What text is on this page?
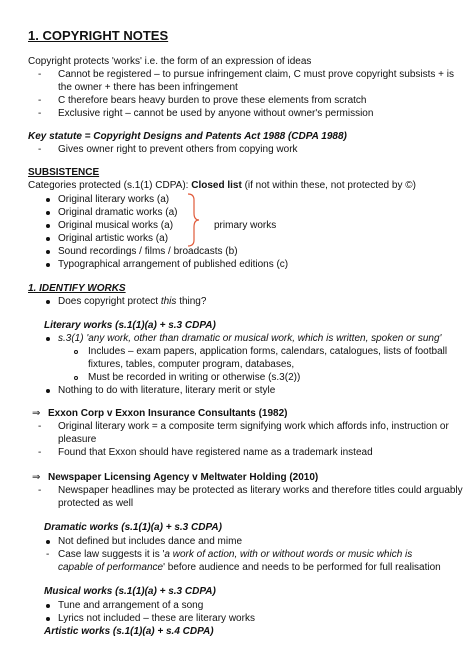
1. COPYRIGHT NOTES
Copyright protects 'works' i.e. the form of an expression of ideas
- Cannot be registered – to pursue infringement claim, C must prove copyright subsists + is
the owner + there has been infringement
- C therefore bears heavy burden to prove these elements from scratch
- Exclusive right – cannot be used by anyone without owner's permission
Key statute = Copyright Designs and Patents Act 1988 (CDPA 1988)
- Gives owner right to prevent others from copying work
SUBSISTENCE
Categories protected (s.1(1) CDPA): Closed list (if not within these, not protected by ©)
Original literary works (a)
Original dramatic works (a)
Original musical works (a)
Original artistic works (a)
Sound recordings / films / broadcasts (b)
Typographical arrangement of published editions (c)
primary works
1. IDENTIFY WORKS
Does copyright protect this thing?
Literary works (s.1(1)(a) + s.3 CDPA)
s.3(1) 'any work, other than dramatic or musical work, which is written, spoken or sung'
Includes – exam papers, application forms, calendars, catalogues, lists of football
fixtures, tables, computer program, databases,
Must be recorded in writing or otherwise (s.3(2))
Nothing to do with literature, literary merit or style
⇒ Exxon Corp v Exxon Insurance Consultants (1982)
- Original literary work = a composite term signifying work which affords info, instruction or
pleasure
- Found that Exxon should have registered name as a trademark instead
⇒ Newspaper Licensing Agency v Meltwater Holding (2010)
- Newspaper headlines may be protected as literary works and therefore titles could arguably
protected as well
Dramatic works (s.1(1)(a) + s.3 CDPA)
Not defined but includes dance and mime
- Case law suggests it is 'a work of action, with or without words or music which is
capable of performance' before audience and needs to be performed for full realisation
Musical works (s.1(1)(a) + s.3 CDPA)
Tune and arrangement of a song
Lyrics not included – these are literary works
Artistic works (s.1(1)(a) + s.4 CDPA)
